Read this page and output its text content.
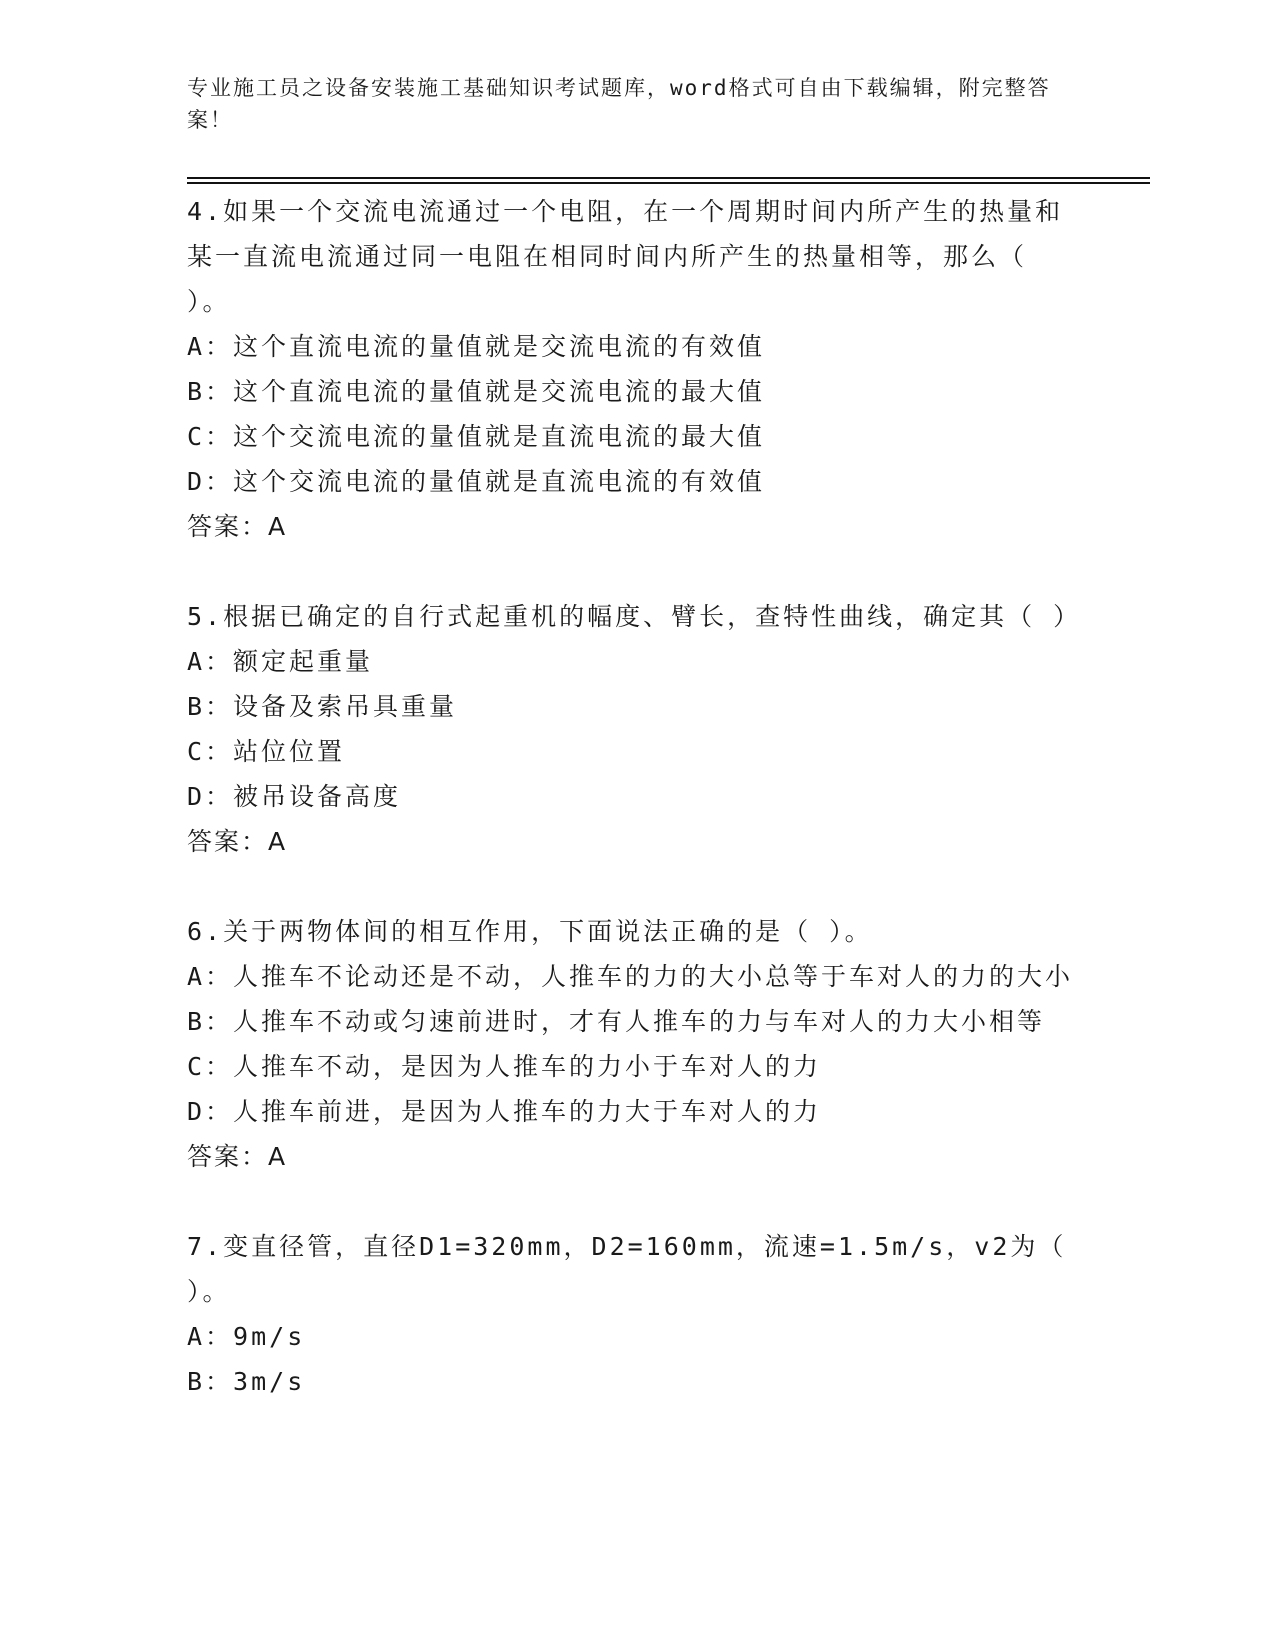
专业施工员之设备安装施工基础知识考试题库，word格式可自由下载编辑，附完整答案！
4.如果一个交流电流通过一个电阻，在一个周期时间内所产生的热量和某一直流电流通过同一电阻在相同时间内所产生的热量相等，那么（ ）。
A：这个直流电流的量值就是交流电流的有效值
B：这个直流电流的量值就是交流电流的最大值
C：这个交流电流的量值就是直流电流的最大值
D：这个交流电流的量值就是直流电流的有效值
答案：A
5.根据已确定的自行式起重机的幅度、臂长，查特性曲线，确定其（ ）
A：额定起重量
B：设备及索吊具重量
C：站位位置
D：被吊设备高度
答案：A
6.关于两物体间的相互作用，下面说法正确的是（ ）。
A：人推车不论动还是不动，人推车的力的大小总等于车对人的力的大小
B：人推车不动或匀速前进时，才有人推车的力与车对人的力大小相等
C：人推车不动，是因为人推车的力小于车对人的力
D：人推车前进，是因为人推车的力大于车对人的力
答案：A
7.变直径管，直径D1=320mm，D2=160mm，流速=1.5m/s，v2为（ ）。
A：9m/s
B：3m/s
